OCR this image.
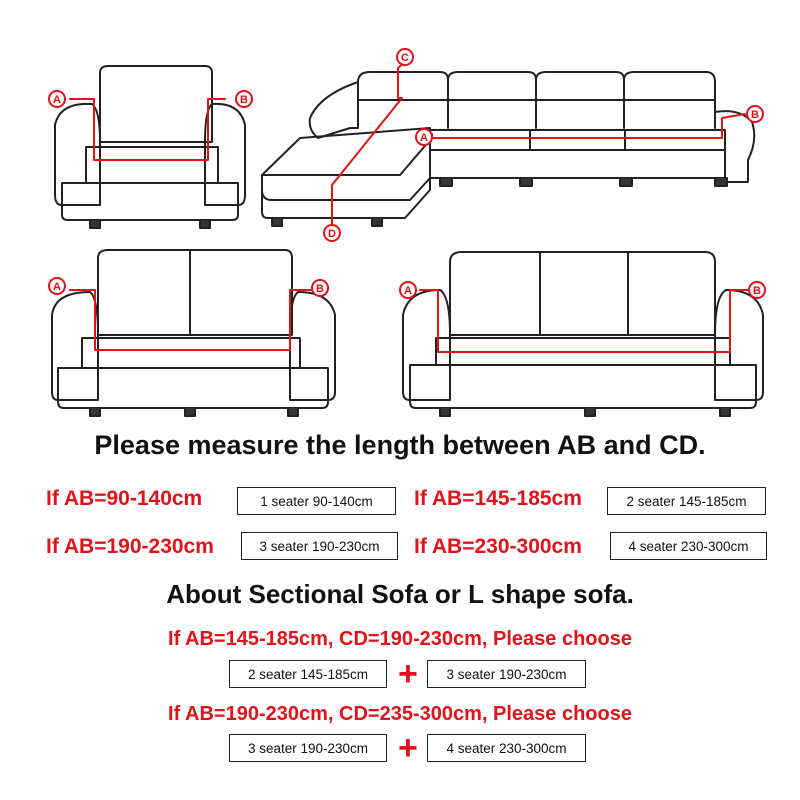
A	B
C
D
A
B
A	B	A	B
Please measure the length between AB and CD.
If AB=90-140cm	1 seater 90-140cm	If AB=145-185cm	2 seater 145-185cm
If AB=190-230cm	3 seater 190-230cm	If AB=230-300cm	4 seater 230-300cm
About Sectional Sofa or L shape sofa.
If AB=145-185cm, CD=190-230cm, Please choose
2 seater 145-185cm +	3 seater 190-230cm
If AB=190-230cm, CD=235-300cm, Please choose
3 seater 190-230cm +	4 seater 230-300cm
